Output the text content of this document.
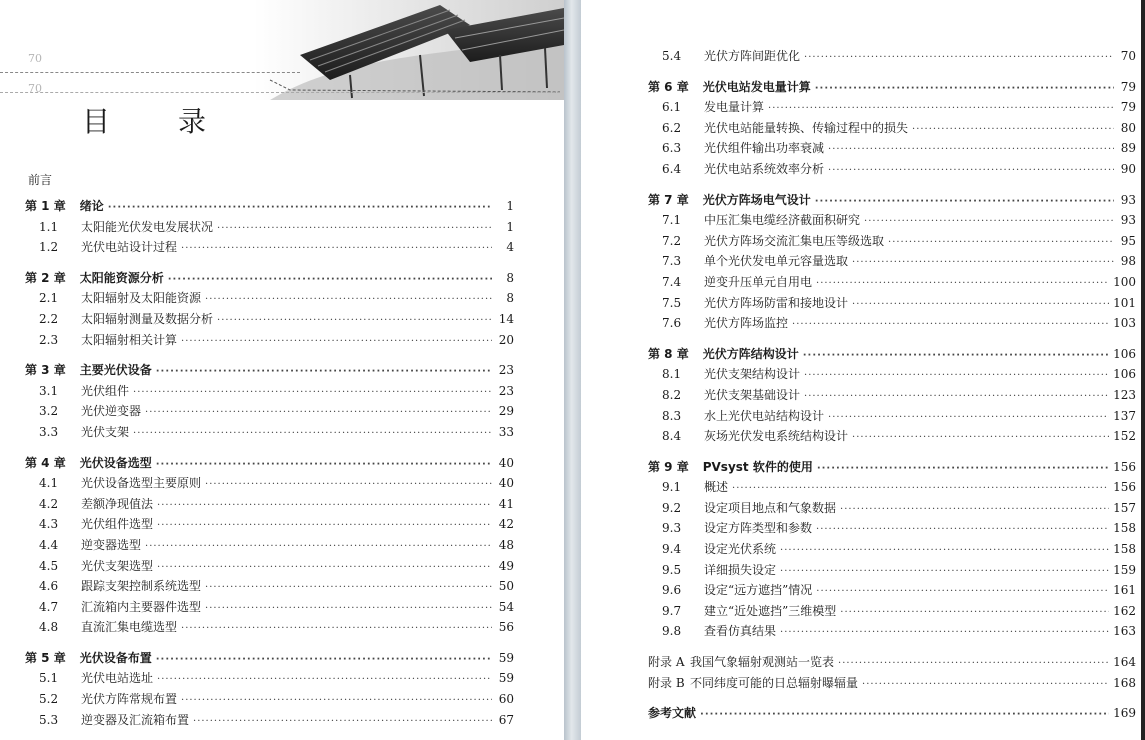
70
70
目　录
前言
第 1 章 绪论 ·····	1
1.1	太阳能光伏发电发展状况 ·····	1
1.2	光伏电站设计过程 ·····	4
第 2 章 太阳能资源分析 ·····	8
2.1	太阳辐射及太阳能资源 ·····	8
2.2	太阳辐射测量及数据分析 ·····	14
2.3	太阳辐射相关计算 ·····	20
第 3 章 主要光伏设备 ·····	23
3.1	光伏组件 ·····	23
3.2	光伏逆变器 ·····	29
3.3	光伏支架 ·····	33
第 4 章 光伏设备选型 ·····	40
4.1	光伏设备选型主要原则 ·····	40
4.2	差额净现值法 ·····	41
4.3	光伏组件选型 ·····	42
4.4	逆变器选型 ·····	48
4.5	光伏支架选型 ·····	49
4.6	跟踪支架控制系统选型 ·····	50
4.7	汇流箱内主要器件选型 ·····	54
4.8	直流汇集电缆选型 ·····	56
第 5 章 光伏设备布置 ·····	59
5.1	光伏电站选址 ·····	59
5.2	光伏方阵常规布置 ·····	60
5.3	逆变器及汇流箱布置 ·····	67
5.4	光伏方阵间距优化 ·····	70
第 6 章 光伏电站发电量计算 ·····	79
6.1	发电量计算 ·····	79
6.2	光伏电站能量转换、传输过程中的损失 ·····	80
6.3	光伏组件输出功率衰减 ·····	89
6.4	光伏电站系统效率分析 ·····	90
第 7 章 光伏方阵场电气设计 ·····	93
7.1	中压汇集电缆经济截面积研究 ·····	93
7.2	光伏方阵场交流汇集电压等级选取 ·····	95
7.3	单个光伏发电单元容量选取 ·····	98
7.4	逆变升压单元自用电 ·····	100
7.5	光伏方阵场防雷和接地设计 ·····	101
7.6	光伏方阵场监控 ·····	103
第 8 章 光伏方阵结构设计 ·····	106
8.1	光伏支架结构设计 ·····	106
8.2	光伏支架基础设计 ·····	123
8.3	水上光伏电站结构设计 ·····	137
8.4	灰场光伏发电系统结构设计 ·····	152
第 9 章 PVsyst 软件的使用 ·····	156
9.1	概述 ·····	156
9.2	设定项目地点和气象数据 ·····	157
9.3	设定方阵类型和参数 ·····	158
9.4	设定光伏系统 ·····	158
9.5	详细损失设定 ·····	159
9.6	设定“远方遮挡”情况 ·····	161
9.7	建立“近处遮挡”三维模型 ·····	162
9.8	查看仿真结果 ·····	163
附录 A 我国气象辐射观测站一览表 ·····	164
附录 B 不同纬度可能的日总辐射曝辐量 ·····	168
参考文献 ·····	169
